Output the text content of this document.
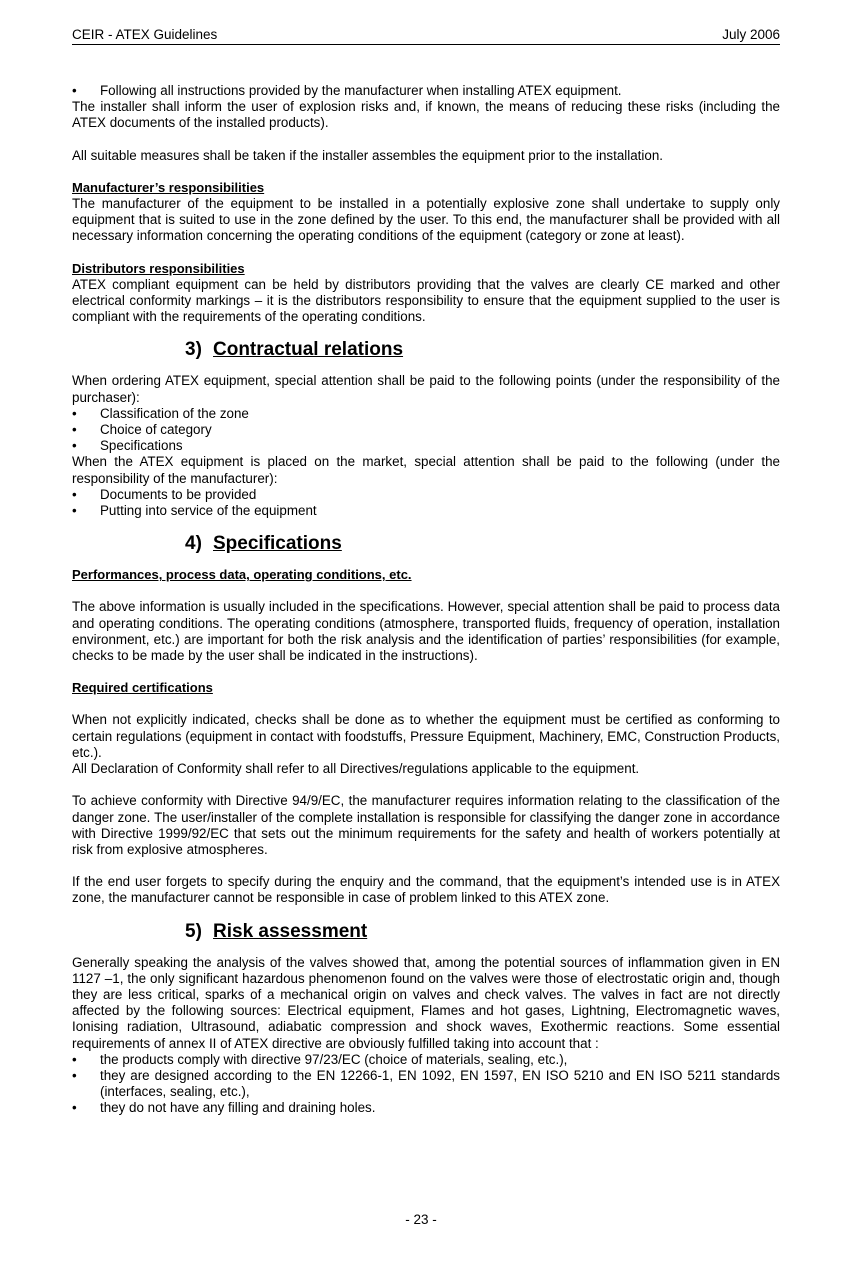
CEIR - ATEX Guidelines	July 2006
• Following all instructions provided by the manufacturer when installing ATEX equipment.

The installer shall inform the user of explosion risks and, if known, the means of reducing these risks (including the ATEX documents of the installed products).

All suitable measures shall be taken if the installer assembles the equipment prior to the installation.

Manufacturer’s responsibilities

The manufacturer of the equipment to be installed in a potentially explosive zone shall undertake to supply only equipment that is suited to use in the zone defined by the user. To this end, the manufacturer shall be provided with all necessary information concerning the operating conditions of the equipment (category or zone at least).

Distributors responsibilities

ATEX compliant equipment can be held by distributors providing that the valves are clearly CE marked and other electrical conformity markings – it is the distributors responsibility to ensure that the equipment supplied to the user is compliant with the requirements of the operating conditions.

3) Contractual relations

When ordering ATEX equipment, special attention shall be paid to the following points (under the responsibility of the purchaser):

• Classification of the zone
• Choice of category
• Specifications

When the ATEX equipment is placed on the market, special attention shall be paid to the following (under the responsibility of the manufacturer):

• Documents to be provided
• Putting into service of the equipment
4) Specifications

Performances, process data, operating conditions, etc.

The above information is usually included in the specifications. However, special attention shall be paid to process data and operating conditions. The operating conditions (atmosphere, transported fluids, frequency of operation, installation environment, etc.) are important for both the risk analysis and the identification of parties’ responsibilities (for example, checks to be made by the user shall be indicated in the instructions).

Required certifications

When not explicitly indicated, checks shall be done as to whether the equipment must be certified as conforming to certain regulations (equipment in contact with foodstuffs, Pressure Equipment, Machinery, EMC, Construction Products, etc.).

All Declaration of Conformity shall refer to all Directives/regulations applicable to the equipment.

To achieve conformity with Directive 94/9/EC, the manufacturer requires information relating to the classification of the danger zone. The user/installer of the complete installation is responsible for classifying the danger zone in accordance with Directive 1999/92/EC that sets out the minimum requirements for the safety and health of workers potentially at risk from explosive atmospheres.

If the end user forgets to specify during the enquiry and the command, that the equipment’s intended use is in ATEX zone, the manufacturer cannot be responsible in case of problem linked to this ATEX zone.

5) Risk assessment

Generally speaking the analysis of the valves showed that, among the potential sources of inflammation given in EN 1127 –1, the only significant hazardous phenomenon found on the valves were those of electrostatic origin and, though they are less critical, sparks of a mechanical origin on valves and check valves. The valves in fact are not directly affected by the following sources: Electrical equipment, Flames and hot gases, Lightning, Electromagnetic waves, Ionising radiation, Ultrasound, adiabatic compression and shock waves, Exothermic reactions. Some essential requirements of annex II of ATEX directive are obviously fulfilled taking into account that :

• the products comply with directive 97/23/EC (choice of materials, sealing, etc.),
• they are designed according to the EN 12266-1, EN 1092, EN 1597, EN ISO 5210 and EN ISO 5211 standards (interfaces, sealing, etc.),
• they do not have any filling and draining holes.
- 23 -
